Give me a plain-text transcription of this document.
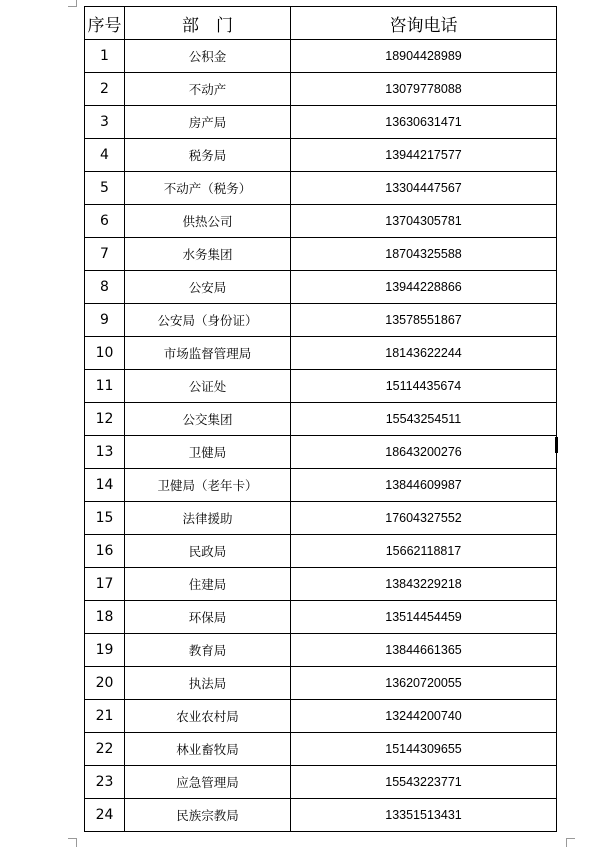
序号	部　门	咨询电话
1	公积金	18904428989
2	不动产	13079778088
3	房产局	13630631471
4	税务局	13944217577
5	不动产（税务）	13304447567
6	供热公司	13704305781
7	水务集团	18704325588
8	公安局	13944228866
9	公安局（身份证）	13578551867
10	市场监督管理局	18143622244
11	公证处	15114435674
12	公交集团	15543254511
13	卫健局	18643200276
14	卫健局（老年卡）	13844609987
15	法律援助	17604327552
16	民政局	15662118817
17	住建局	13843229218
18	环保局	13514454459
19	教育局	13844661365
20	执法局	13620720055
21	农业农村局	13244200740
22	林业畜牧局	15144309655
23	应急管理局	15543223771
24	民族宗教局	13351513431
